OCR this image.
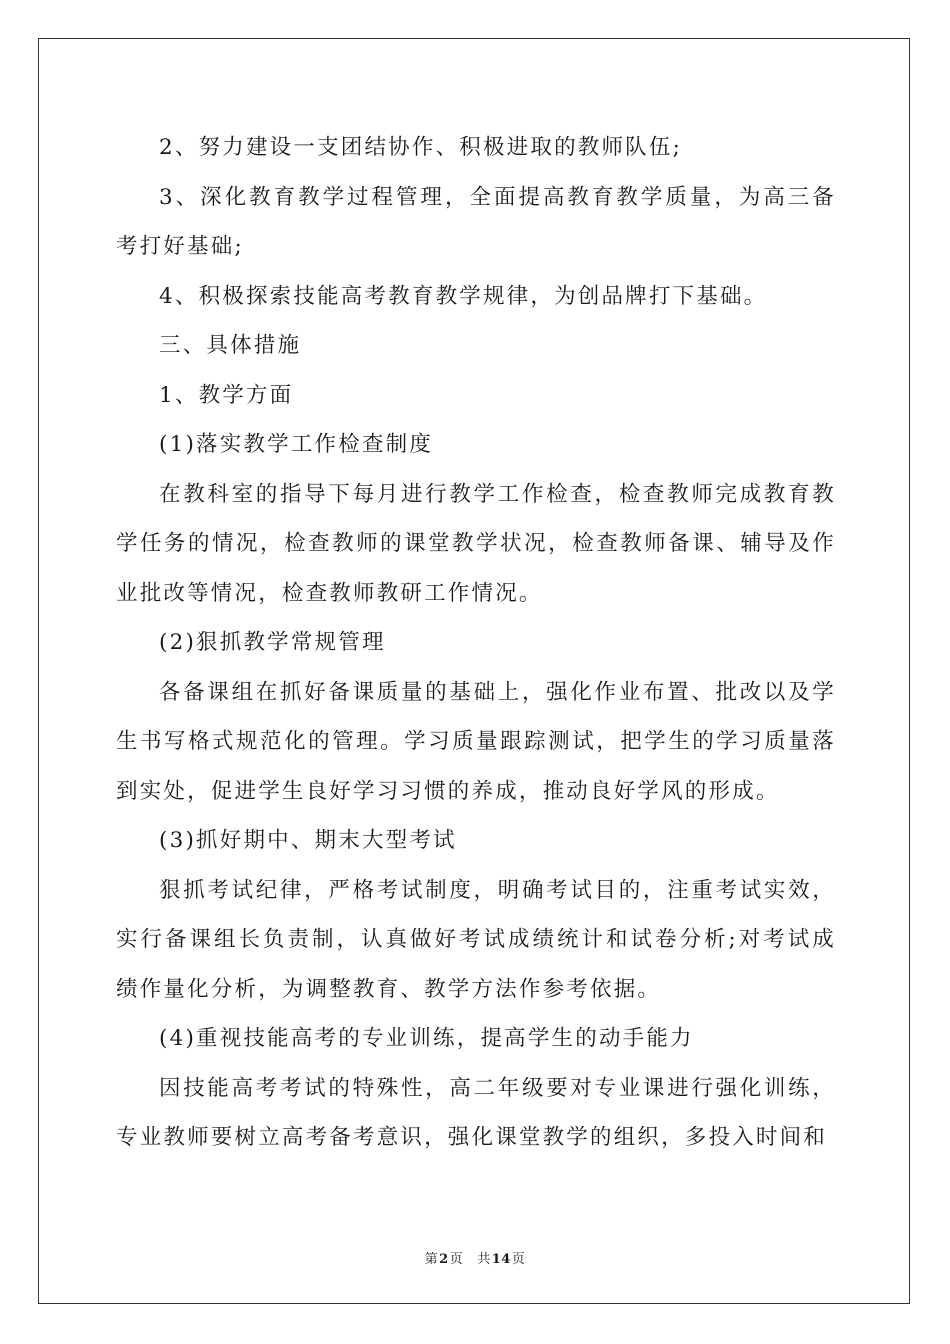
2、努力建设一支团结协作、积极进取的教师队伍;

3、深化教育教学过程管理，全面提高教育教学质量，为高三备考打好基础;

4、积极探索技能高考教育教学规律，为创品牌打下基础。

三、具体措施

1、教学方面

(1)落实教学工作检查制度

在教科室的指导下每月进行教学工作检查，检查教师完成教育教学任务的情况，检查教师的课堂教学状况，检查教师备课、辅导及作业批改等情况，检查教师教研工作情况。

(2)狠抓教学常规管理

各备课组在抓好备课质量的基础上，强化作业布置、批改以及学生书写格式规范化的管理。学习质量跟踪测试，把学生的学习质量落到实处，促进学生良好学习习惯的养成，推动良好学风的形成。

(3)抓好期中、期末大型考试

狠抓考试纪律，严格考试制度，明确考试目的，注重考试实效，实行备课组长负责制，认真做好考试成绩统计和试卷分析;对考试成绩作量化分析，为调整教育、教学方法作参考依据。

(4)重视技能高考的专业训练，提高学生的动手能力

因技能高考考试的特殊性，高二年级要对专业课进行强化训练，专业教师要树立高考备考意识，强化课堂教学的组织，多投入时间和

第2页 共14页
